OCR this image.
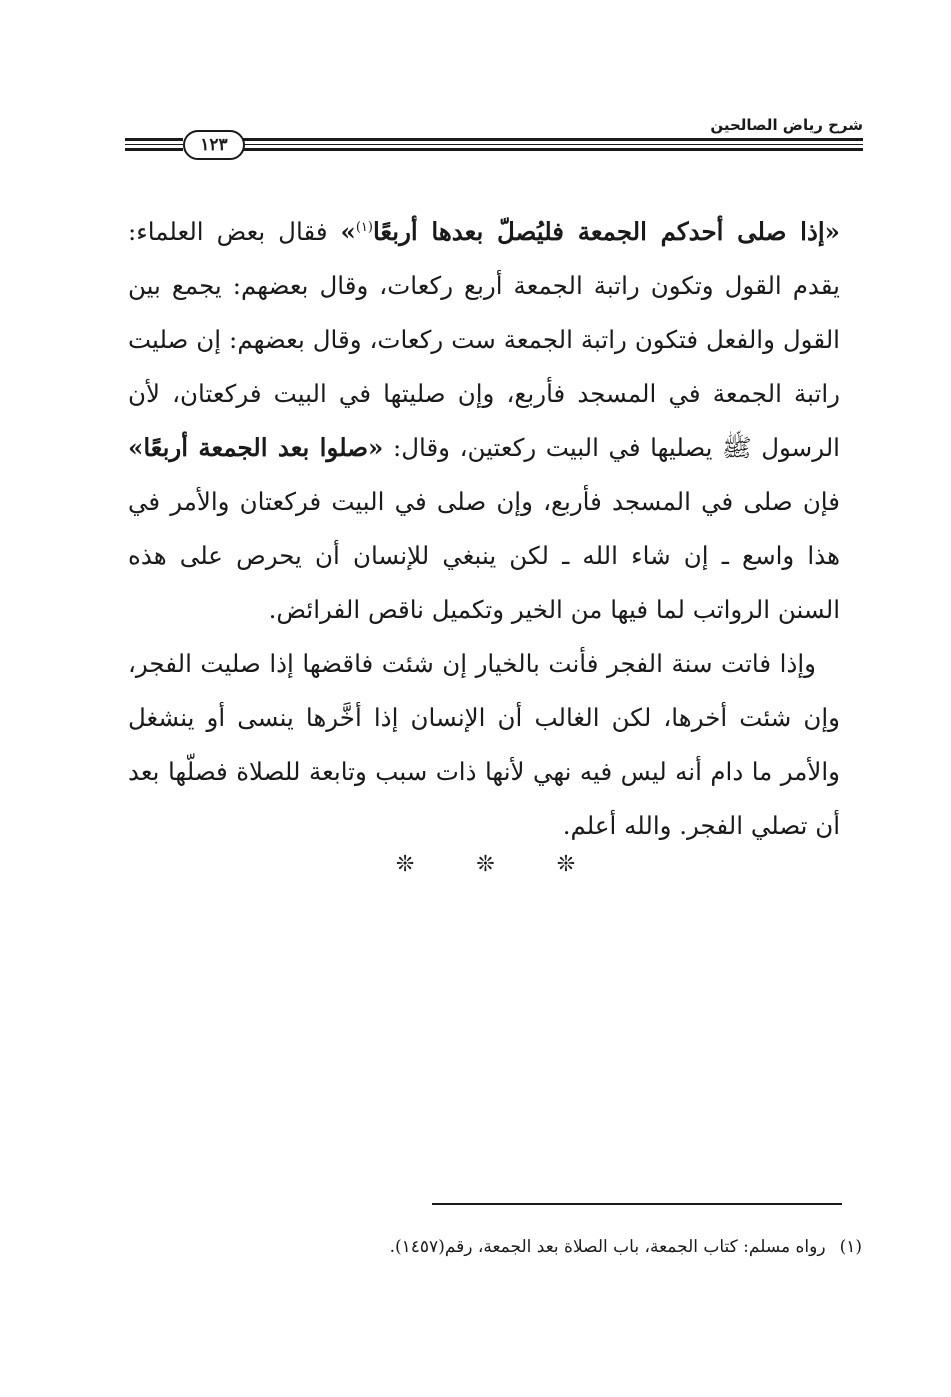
شرح رياض الصالحين
١٢٣

«إذا صلى أحدكم الجمعة فليُصلّ بعدها أربعًا$^{(١)}$» فقال بعض العلماء: يقدم القول وتكون راتبة الجمعة أربع ركعات، وقال بعضهم: يجمع بين القول والفعل فتكون راتبة الجمعة ست ركعات، وقال بعضهم: إن صليت راتبة الجمعة في المسجد فأربع، وإن صليتها في البيت فركعتان، لأن الرسول ﷺ يصليها في البيت ركعتين، وقال: «صلوا بعد الجمعة أربعًا» فإن صلى في المسجد فأربع، وإن صلى في البيت فركعتان والأمر في هذا واسع ـ إن شاء الله ـ لكن ينبغي للإنسان أن يحرص على هذه السنن الرواتب لما فيها من الخير وتكميل ناقص الفرائض.

وإذا فاتت سنة الفجر فأنت بالخيار إن شئت فاقضها إذا صليت الفجر، وإن شئت أخرها، لكن الغالب أن الإنسان إذا أخَّرها ينسى أو ينشغل والأمر ما دام أنه ليس فيه نهي لأنها ذات سبب وتابعة للصلاة فصلّها بعد أن تصلي الفجر. والله أعلم.

❊	❊	❊
(١)رواه مسلم: كتاب الجمعة، باب الصلاة بعد الجمعة، رقم(١٤٥٧).
